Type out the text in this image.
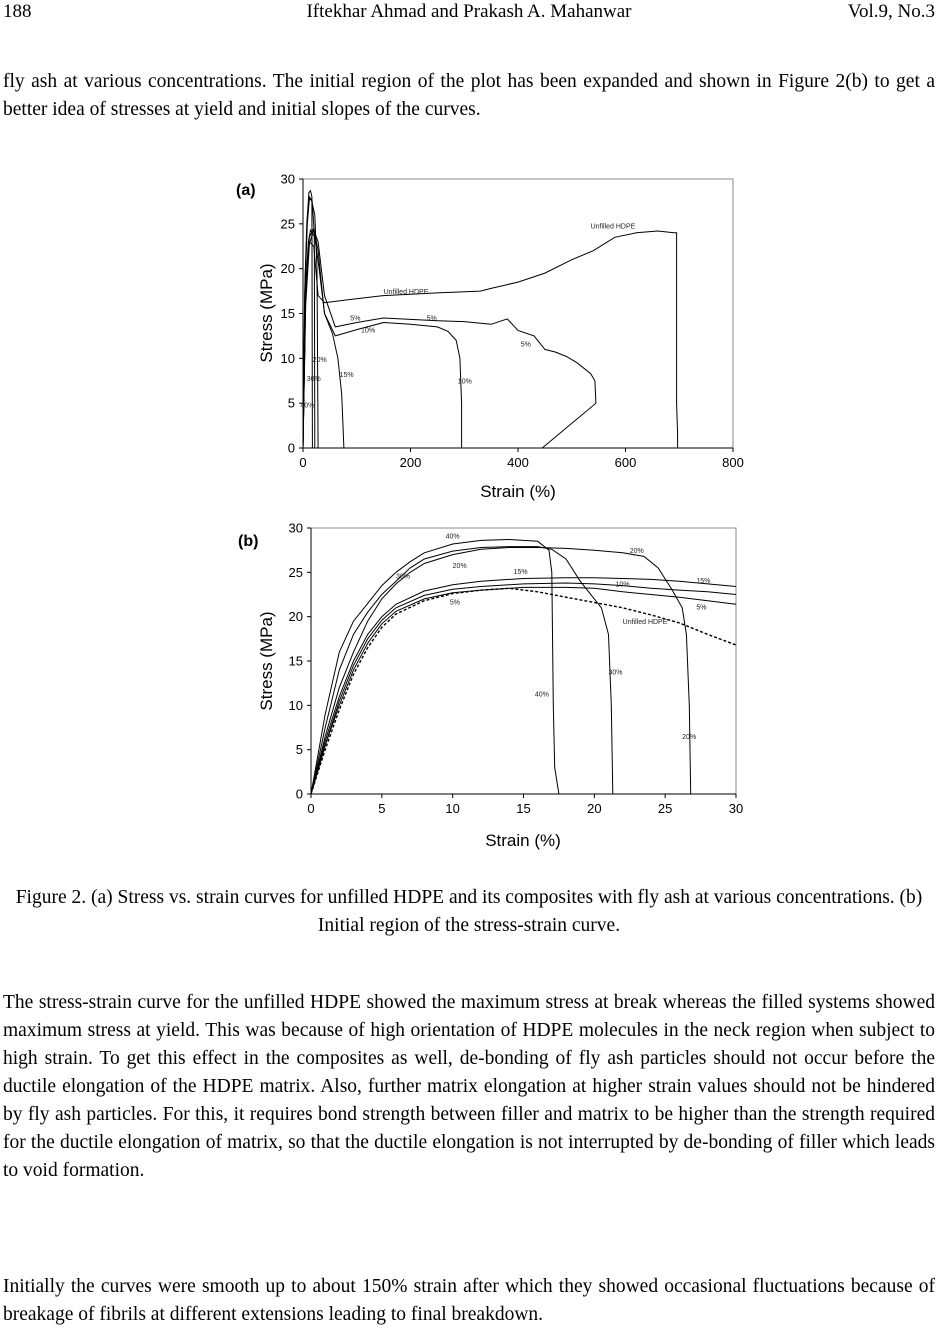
188	Iftekhar Ahmad and Prakash A. Mahanwar	Vol.9, No.3

fly ash at various concentrations. The initial region of the plot has been expanded and shown in Figure 2(b) to get a better idea of stresses at yield and initial slopes of the curves.

0	200	400	600	800
0
5
10
15
20
25
30
Strain (%)
Stress (MPa)
(a)
Unfilled HDPE
Unfilled HDPE
5%
10%
5%
5%
20%
15%
10%
30%
40%
0	5	10	15	20	25	30
0
5
10
15
20
25
30
Strain (%)
Stress (MPa)
(b)	40%
20%
30%
15%
10%
5%
20%
15%
5%
Unfilled HDPE
40%
30%
20%

Figure 2. (a) Stress vs. strain curves for unfilled HDPE and its composites with fly ash at various concentrations. (b) Initial region of the stress-strain curve.

The stress-strain curve for the unfilled HDPE showed the maximum stress at break whereas the filled systems showed maximum stress at yield. This was because of high orientation of HDPE molecules in the neck region when subject to high strain. To get this effect in the composites as well, de-bonding of fly ash particles should not occur before the ductile elongation of the HDPE matrix. Also, further matrix elongation at higher strain values should not be hindered by fly ash particles. For this, it requires bond strength between filler and matrix to be higher than the strength required for the ductile elongation of matrix, so that the ductile elongation is not interrupted by de-bonding of filler which leads to void formation.

Initially the curves were smooth up to about 150% strain after which they showed occasional fluctuations because of breakage of fibrils at different extensions leading to final breakdown.
